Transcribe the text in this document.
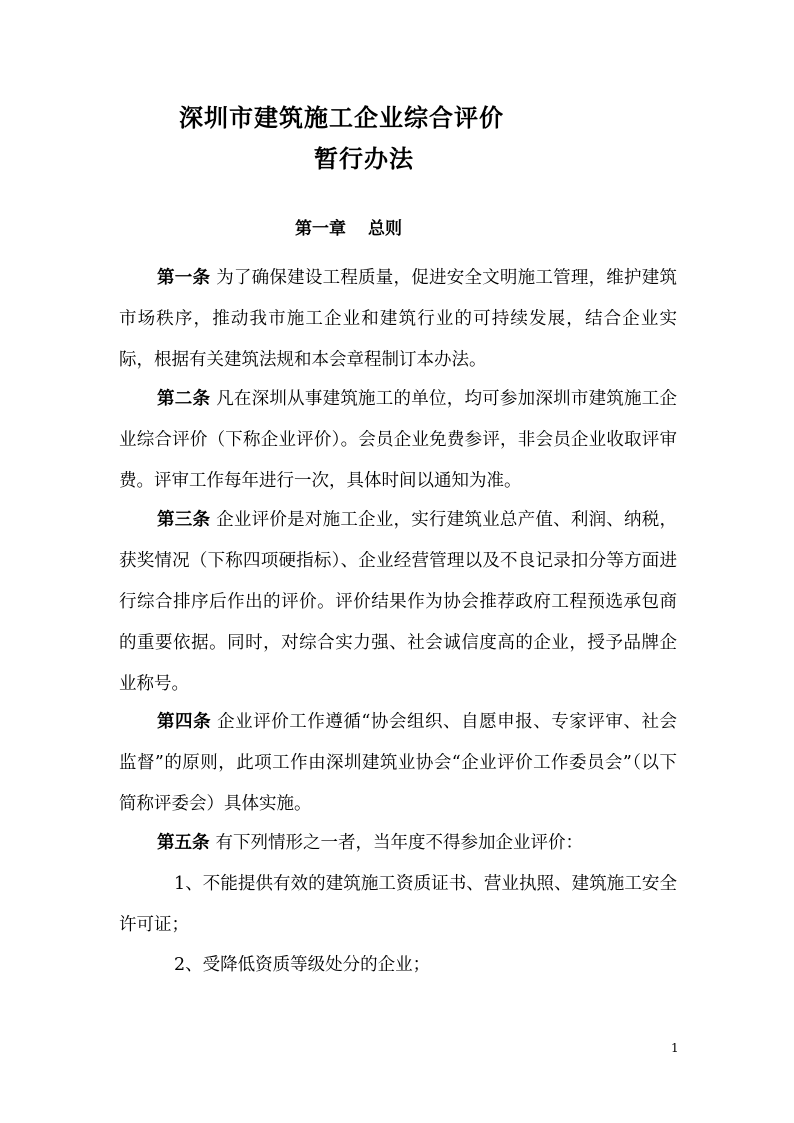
深圳市建筑施工企业综合评价
暂行办法
第一章 总则
第一条 为了确保建设工程质量，促进安全文明施工管理，维护建筑市场秩序，推动我市施工企业和建筑行业的可持续发展，结合企业实际，根据有关建筑法规和本会章程制订本办法。
第二条 凡在深圳从事建筑施工的单位，均可参加深圳市建筑施工企业综合评价（下称企业评价）。会员企业免费参评，非会员企业收取评审费。评审工作每年进行一次，具体时间以通知为准。
第三条 企业评价是对施工企业，实行建筑业总产值、利润、纳税，获奖情况（下称四项硬指标）、企业经营管理以及不良记录扣分等方面进行综合排序后作出的评价。评价结果作为协会推荐政府工程预选承包商的重要依据。同时，对综合实力强、社会诚信度高的企业，授予品牌企业称号。
第四条 企业评价工作遵循“协会组织、自愿申报、专家评审、社会监督”的原则，此项工作由深圳建筑业协会“企业评价工作委员会”（以下简称评委会）具体实施。
第五条 有下列情形之一者，当年度不得参加企业评价：
1、不能提供有效的建筑施工资质证书、营业执照、建筑施工安全许可证；
2、受降低资质等级处分的企业；
1
